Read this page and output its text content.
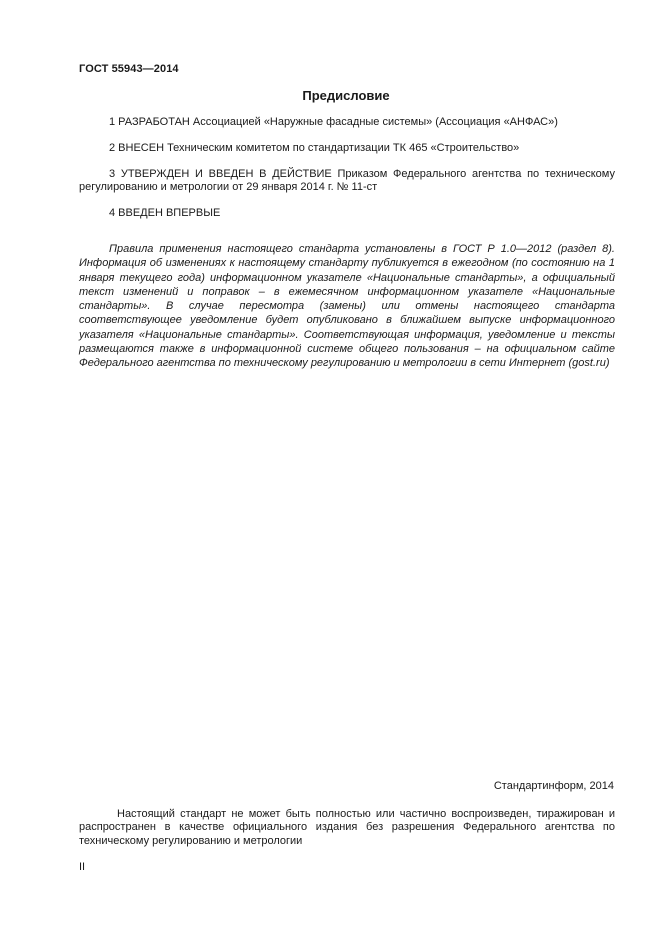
ГОСТ 55943—2014
Предисловие

1 РАЗРАБОТАН Ассоциацией «Наружные фасадные системы» (Ассоциация «АНФАС»)

2 ВНЕСЕН Техническим комитетом по стандартизации ТК 465 «Строительство»

3 УТВЕРЖДЕН И ВВЕДЕН В ДЕЙСТВИЕ Приказом Федерального агентства по техническому регулированию и метрологии от 29 января 2014 г. № 11-ст

4 ВВЕДЕН ВПЕРВЫЕ

Правила применения настоящего стандарта установлены в ГОСТ Р 1.0—2012 (раздел 8). Информация об изменениях к настоящему стандарту публикуется в ежегодном (по состоянию на 1 января текущего года) информационном указателе «Национальные стандарты», а официальный текст изменений и поправок – в ежемесячном информационном указателе «Национальные стандарты». В случае пересмотра (замены) или отмены настоящего стандарта соответствующее уведомление будет опубликовано в ближайшем выпуске информационного указателя «Национальные стандарты». Соответствующая информация, уведомление и тексты размещаются также в информационной системе общего пользования – на официальном сайте Федерального агентства по техническому регулированию и метрологии в сети Интернет (gost.ru)

Стандартинформ, 2014

Настоящий стандарт не может быть полностью или частично воспроизведен, тиражирован и распространен в качестве официального издания без разрешения Федерального агентства по техническому регулированию и метрологии

II
